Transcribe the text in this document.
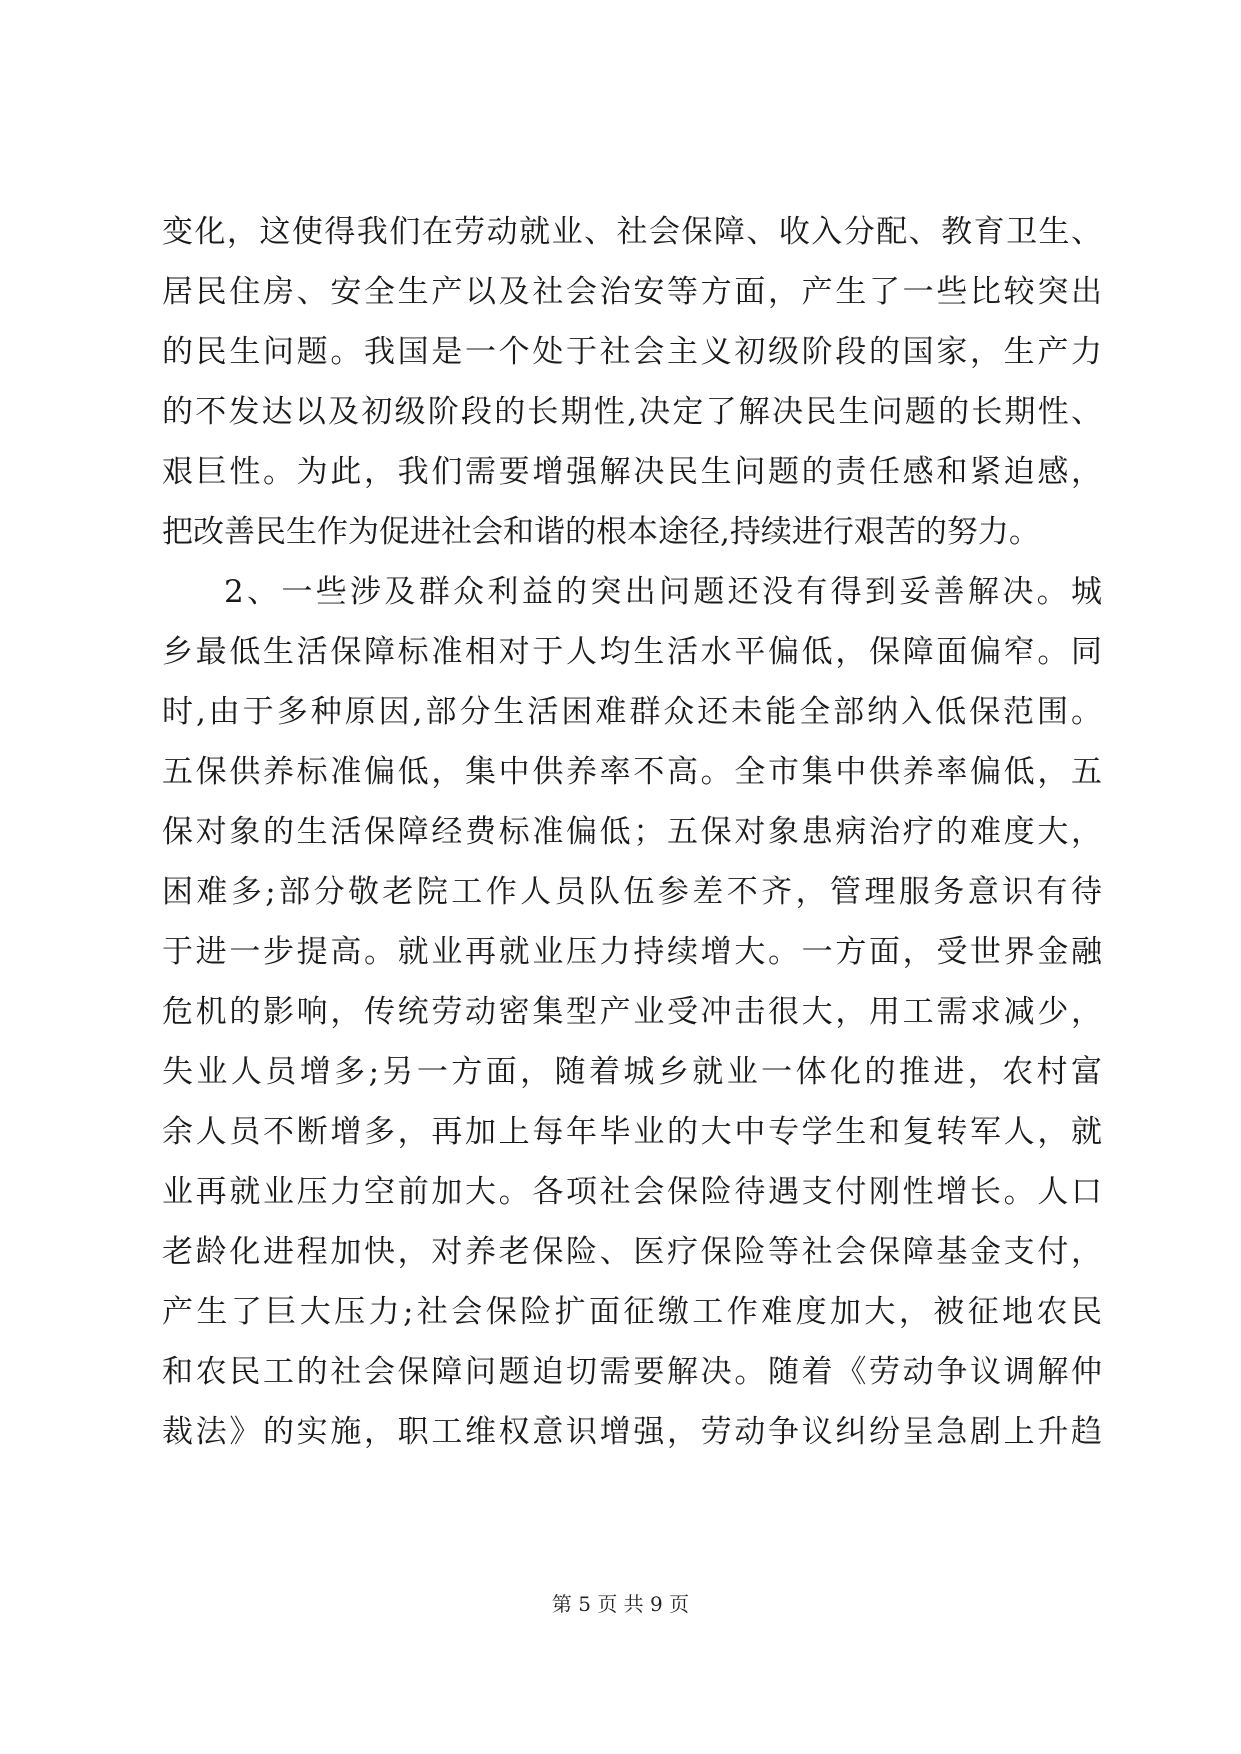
变化，这使得我们在劳动就业、社会保障、收入分配、教育卫生、
居民住房、安全生产以及社会治安等方面，产生了一些比较突出
的民生问题。我国是一个处于社会主义初级阶段的国家，生产力
的不发达以及初级阶段的长期性,决定了解决民生问题的长期性、
艰巨性。为此，我们需要增强解决民生问题的责任感和紧迫感，
把改善民生作为促进社会和谐的根本途径,持续进行艰苦的努力。
2、一些涉及群众利益的突出问题还没有得到妥善解决。城
乡最低生活保障标准相对于人均生活水平偏低，保障面偏窄。同
时,由于多种原因,部分生活困难群众还未能全部纳入低保范围。
五保供养标准偏低，集中供养率不高。全市集中供养率偏低，五
保对象的生活保障经费标准偏低；五保对象患病治疗的难度大，
困难多;部分敬老院工作人员队伍参差不齐，管理服务意识有待
于进一步提高。就业再就业压力持续增大。一方面，受世界金融
危机的影响，传统劳动密集型产业受冲击很大，用工需求减少，
失业人员增多;另一方面，随着城乡就业一体化的推进，农村富
余人员不断增多，再加上每年毕业的大中专学生和复转军人，就
业再就业压力空前加大。各项社会保险待遇支付刚性增长。人口
老龄化进程加快，对养老保险、医疗保险等社会保障基金支付，
产生了巨大压力;社会保险扩面征缴工作难度加大，被征地农民
和农民工的社会保障问题迫切需要解决。随着《劳动争议调解仲
裁法》的实施，职工维权意识增强，劳动争议纠纷呈急剧上升趋
第 5 页 共 9 页
